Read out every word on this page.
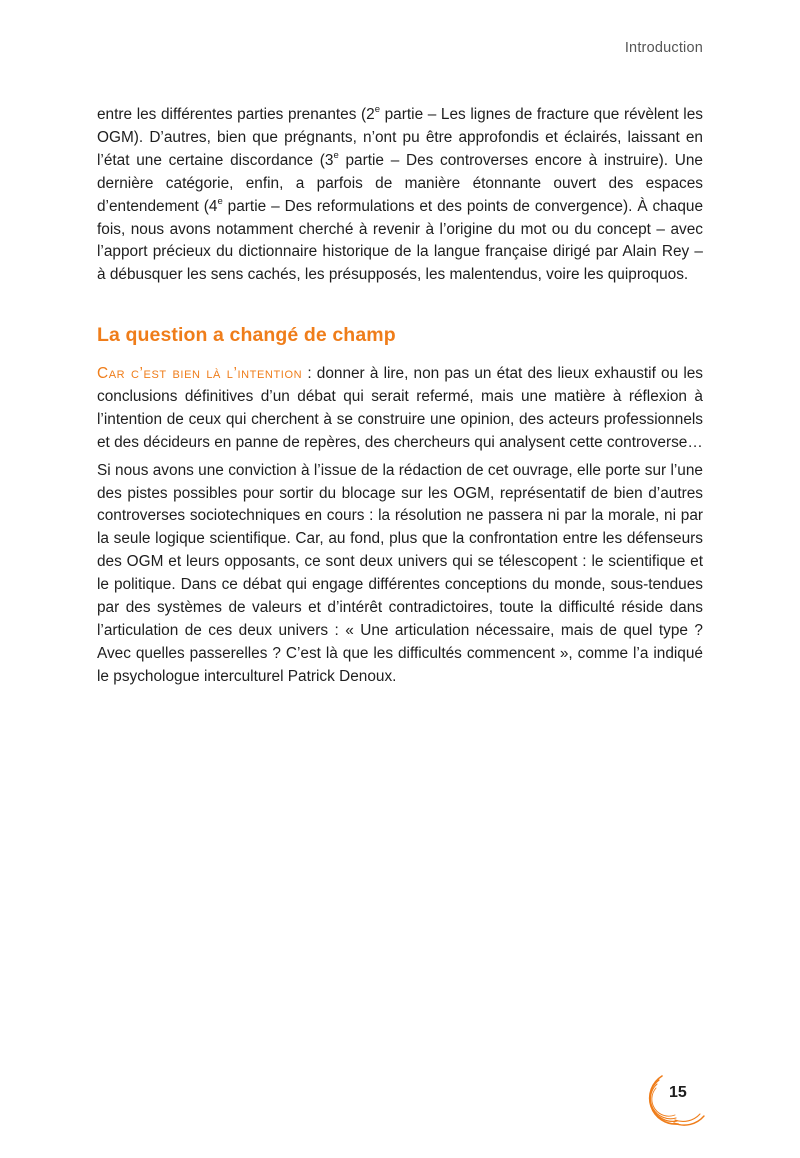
Introduction

entre les différentes parties prenantes (2e partie – Les lignes de fracture que révèlent les OGM). D’autres, bien que prégnants, n’ont pu être approfondis et éclairés, laissant en l’état une certaine discordance (3e partie – Des controverses encore à instruire). Une dernière catégorie, enfin, a parfois de manière étonnante ouvert des espaces d’entendement (4e partie – Des reformulations et des points de convergence). À chaque fois, nous avons notamment cherché à revenir à l’origine du mot ou du concept – avec l’apport précieux du dictionnaire historique de la langue française dirigé par Alain Rey – à débusquer les sens cachés, les présupposés, les malentendus, voire les quiproquos.

La question a changé de champ

Car c’est bien là l’intention : donner à lire, non pas un état des lieux exhaustif ou les conclusions définitives d’un débat qui serait refermé, mais une matière à réflexion à l’intention de ceux qui cherchent à se construire une opinion, des acteurs professionnels et des décideurs en panne de repères, des chercheurs qui analysent cette controverse…

Si nous avons une conviction à l’issue de la rédaction de cet ouvrage, elle porte sur l’une des pistes possibles pour sortir du blocage sur les OGM, représentatif de bien d’autres controverses sociotechniques en cours : la résolution ne passera ni par la morale, ni par la seule logique scientifique. Car, au fond, plus que la confrontation entre les défenseurs des OGM et leurs opposants, ce sont deux univers qui se télescopent : le scientifique et le politique. Dans ce débat qui engage différentes conceptions du monde, sous-tendues par des systèmes de valeurs et d’intérêt contradictoires, toute la difficulté réside dans l’articulation de ces deux univers : « Une articulation nécessaire, mais de quel type ? Avec quelles passerelles ? C’est là que les difficultés commencent », comme l’a indiqué le psychologue interculturel Patrick Denoux.

15
